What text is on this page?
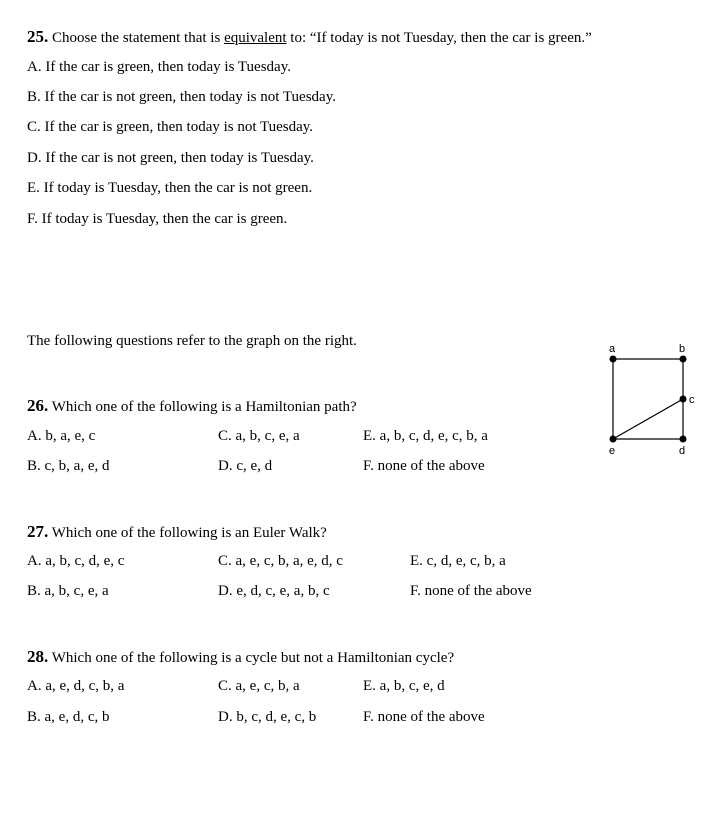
25. Choose the statement that is equivalent to: “If today is not Tuesday, then the car is green.”
A. If the car is green, then today is Tuesday.
B. If the car is not green, then today is not Tuesday.
C. If the car is green, then today is not Tuesday.
D. If the car is not green, then today is Tuesday.
E. If today is Tuesday, then the car is not green.
F. If today is Tuesday, then the car is green.
The following questions refer to the graph on the right.	a	b
c
d
e
26. Which one of the following is a Hamiltonian path?
A. b, a, e, c	C. a, b, c, e, a	E. a, b, c, d, e, c, b, a
B. c, b, a, e, d	D. c, e, d	F. none of the above
27. Which one of the following is an Euler Walk?
A. a, b, c, d, e, c	C. a, e, c, b, a, e, d, c	E. c, d, e, c, b, a
B. a, b, c, e, a	D. e, d, c, e, a, b, c	F. none of the above
28. Which one of the following is a cycle but not a Hamiltonian cycle?
A. a, e, d, c, b, a	C. a, e, c, b, a	E. a, b, c, e, d
B. a, e, d, c, b	D. b, c, d, e, c, b	F. none of the above
